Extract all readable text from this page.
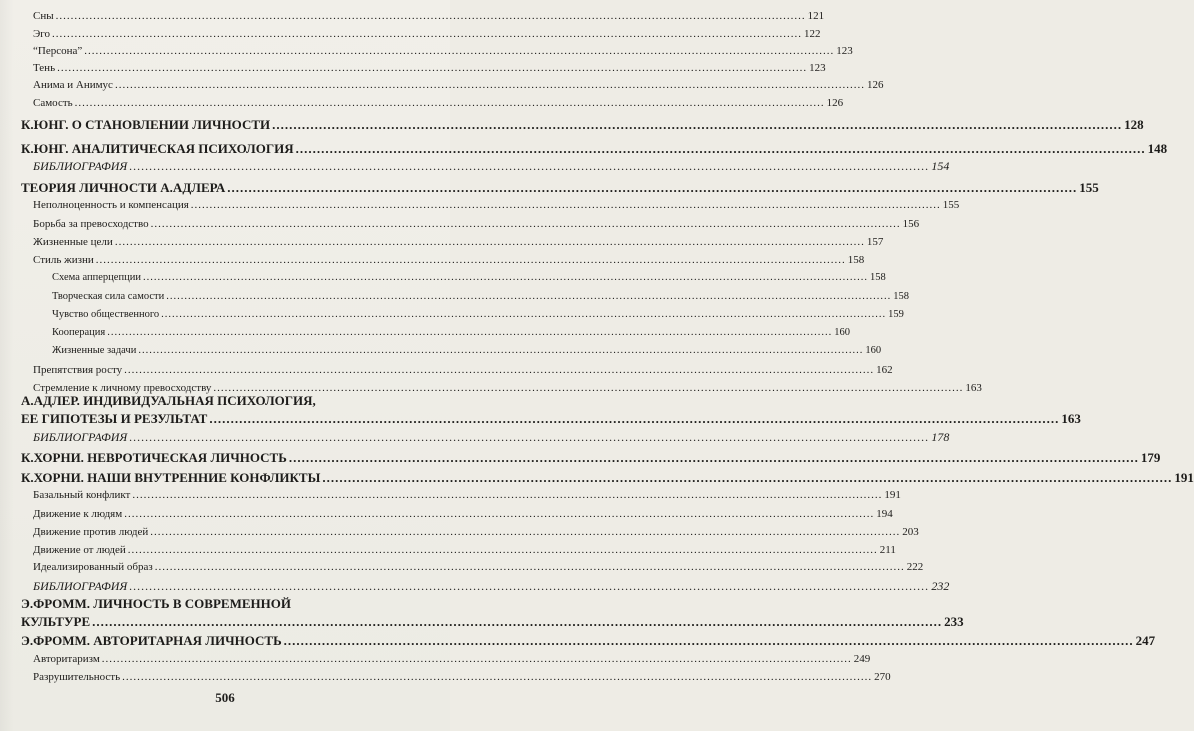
Сны ........................................................................................................................................................................................................ 121
Эго ........................................................................................................................................................................................................ 122
“Персона” ........................................................................................................................................................................................................ 123
Тень ........................................................................................................................................................................................................ 123
Анима и Анимус ........................................................................................................................................................................................................ 126
Самость ........................................................................................................................................................................................................ 126
К.ЮНГ. О СТАНОВЛЕНИИ ЛИЧНОСТИ ........................................................................................................................................................................................................ 128
К.ЮНГ. АНАЛИТИЧЕСКАЯ ПСИХОЛОГИЯ ........................................................................................................................................................................................................ 148
БИБЛИОГРАФИЯ ........................................................................................................................................................................................................ 154
ТЕОРИЯ ЛИЧНОСТИ А.АДЛЕРА ........................................................................................................................................................................................................ 155
Неполноценность и компенсация ........................................................................................................................................................................................................ 155
Борьба за превосходство ........................................................................................................................................................................................................ 156
Жизненные цели ........................................................................................................................................................................................................ 157
Стиль жизни ........................................................................................................................................................................................................ 158
Схема апперцепции ........................................................................................................................................................................................................ 158
Творческая сила самости ........................................................................................................................................................................................................ 158
Чувство общественного ........................................................................................................................................................................................................ 159
Кооперация ........................................................................................................................................................................................................ 160
Жизненные задачи ........................................................................................................................................................................................................ 160
Препятствия росту ........................................................................................................................................................................................................ 162
Стремление к личному превосходству ........................................................................................................................................................................................................ 163
А.АДЛЕР. ИНДИВИДУАЛЬНАЯ ПСИХОЛОГИЯ,
ЕЕ ГИПОТЕЗЫ И РЕЗУЛЬТАТ ........................................................................................................................................................................................................ 163
БИБЛИОГРАФИЯ ........................................................................................................................................................................................................ 178
К.ХОРНИ. НЕВРОТИЧЕСКАЯ ЛИЧНОСТЬ ........................................................................................................................................................................................................ 179
К.ХОРНИ. НАШИ ВНУТРЕННИЕ КОНФЛИКТЫ ........................................................................................................................................................................................................ 191
Базальный конфликт ........................................................................................................................................................................................................ 191
Движение к людям ........................................................................................................................................................................................................ 194
Движение против людей ........................................................................................................................................................................................................ 203
Движение от людей ........................................................................................................................................................................................................ 211
Идеализированный образ ........................................................................................................................................................................................................ 222
БИБЛИОГРАФИЯ ........................................................................................................................................................................................................ 232
Э.ФРОММ. ЛИЧНОСТЬ В СОВРЕМЕННОЙ
КУЛЬТУРЕ ........................................................................................................................................................................................................ 233
Э.ФРОММ. АВТОРИТАРНАЯ ЛИЧНОСТЬ ........................................................................................................................................................................................................ 247
Авторитаризм ........................................................................................................................................................................................................ 249
Разрушительность ........................................................................................................................................................................................................ 270
506
